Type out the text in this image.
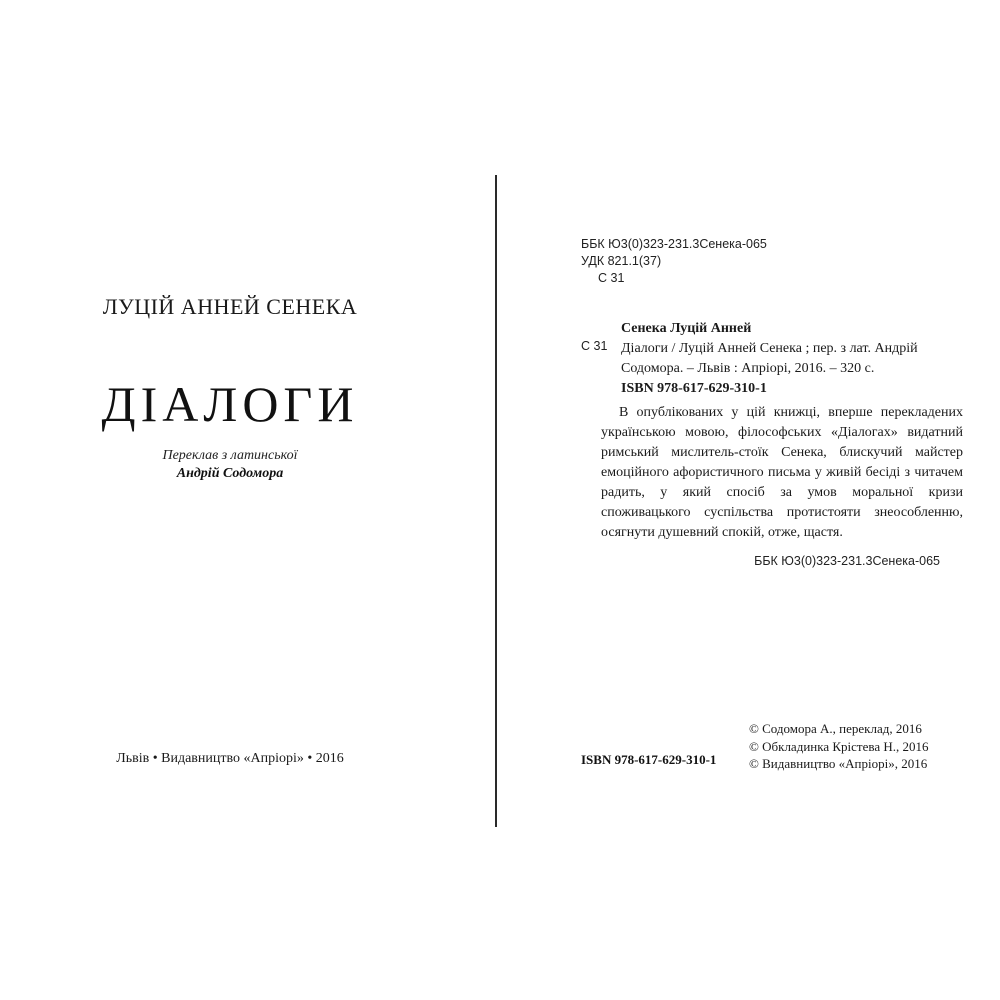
ЛУЦІЙ АННЕЙ СЕНЕКА
ДІАЛОГИ
Переклав з латинської
Андрій Содомора
Львів • Видавництво «Апріорі» • 2016
ББК Ю3(0)323-231.3Сенека-065
УДК 821.1(37)
С 31
С 31
Сенека Луцій Анней
Діалоги / Луцій Анней Сенека ; пер. з лат. Андрій
Содомора. – Львів : Апріорі, 2016. – 320 с.
ISBN 978-617-629-310-1
В опублікованих у цій книжці, вперше перекладених українською мовою, філософських «Діалогах» видатний римський мислитель-стоїк Сенека, блискучий майстер емоційного афористичного письма у живій бесіді з читачем радить, у який спосіб за умов моральної кризи споживацького суспільства протистояти знеособленню, осягнути душевний спокій, отже, щастя.
ББК Ю3(0)323-231.3Сенека-065
ISBN 978-617-629-310-1
© Содомора А., переклад, 2016
© Обкладинка Крістева Н., 2016
© Видавництво «Апріорі», 2016
